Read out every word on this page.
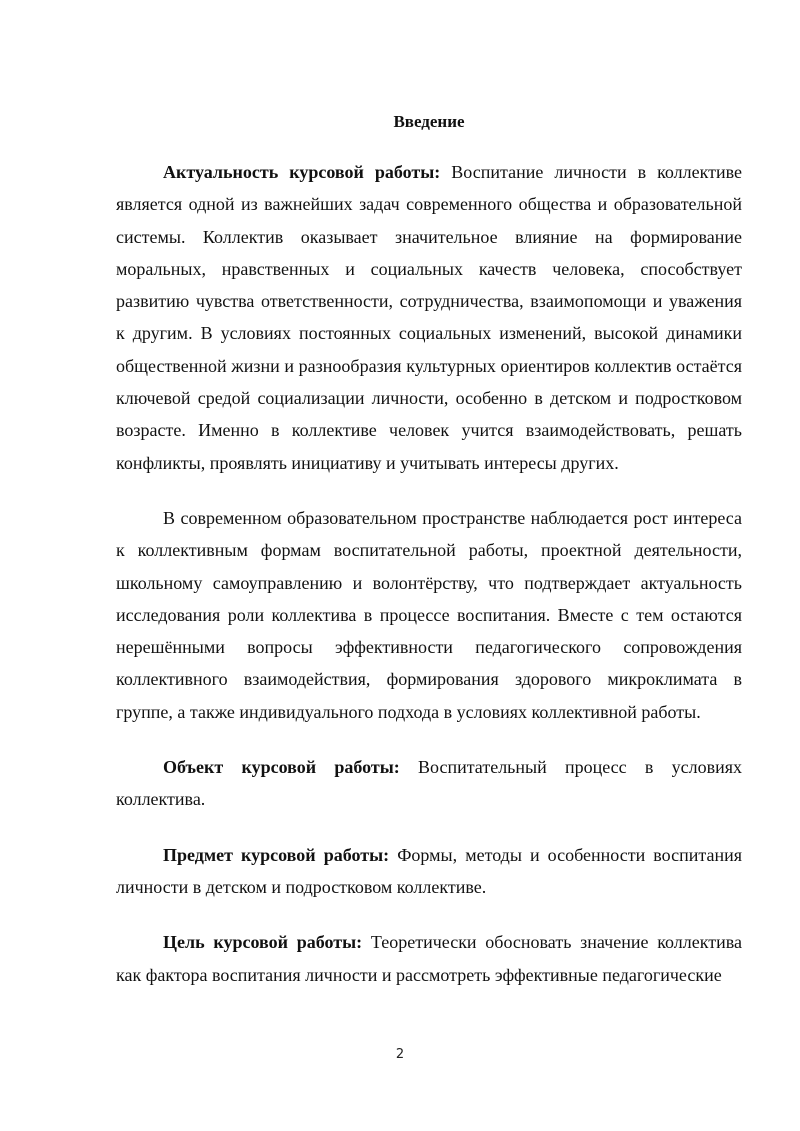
Введение

Актуальность курсовой работы: Воспитание личности в коллективе является одной из важнейших задач современного общества и образовательной системы. Коллектив оказывает значительное влияние на формирование моральных, нравственных и социальных качеств человека, способствует развитию чувства ответственности, сотрудничества, взаимопомощи и уважения к другим. В условиях постоянных социальных изменений, высокой динамики общественной жизни и разнообразия культурных ориентиров коллектив остаётся ключевой средой социализации личности, особенно в детском и подростковом возрасте. Именно в коллективе человек учится взаимодействовать, решать конфликты, проявлять инициативу и учитывать интересы других.

В современном образовательном пространстве наблюдается рост интереса к коллективным формам воспитательной работы, проектной деятельности, школьному самоуправлению и волонтёрству, что подтверждает актуальность исследования роли коллектива в процессе воспитания. Вместе с тем остаются нерешёнными вопросы эффективности педагогического сопровождения коллективного взаимодействия, формирования здорового микроклимата в группе, а также индивидуального подхода в условиях коллективной работы.

Объект курсовой работы: Воспитательный процесс в условиях коллектива.

Предмет курсовой работы: Формы, методы и особенности воспитания личности в детском и подростковом коллективе.

Цель курсовой работы: Теоретически обосновать значение коллектива как фактора воспитания личности и рассмотреть эффективные педагогические

2
